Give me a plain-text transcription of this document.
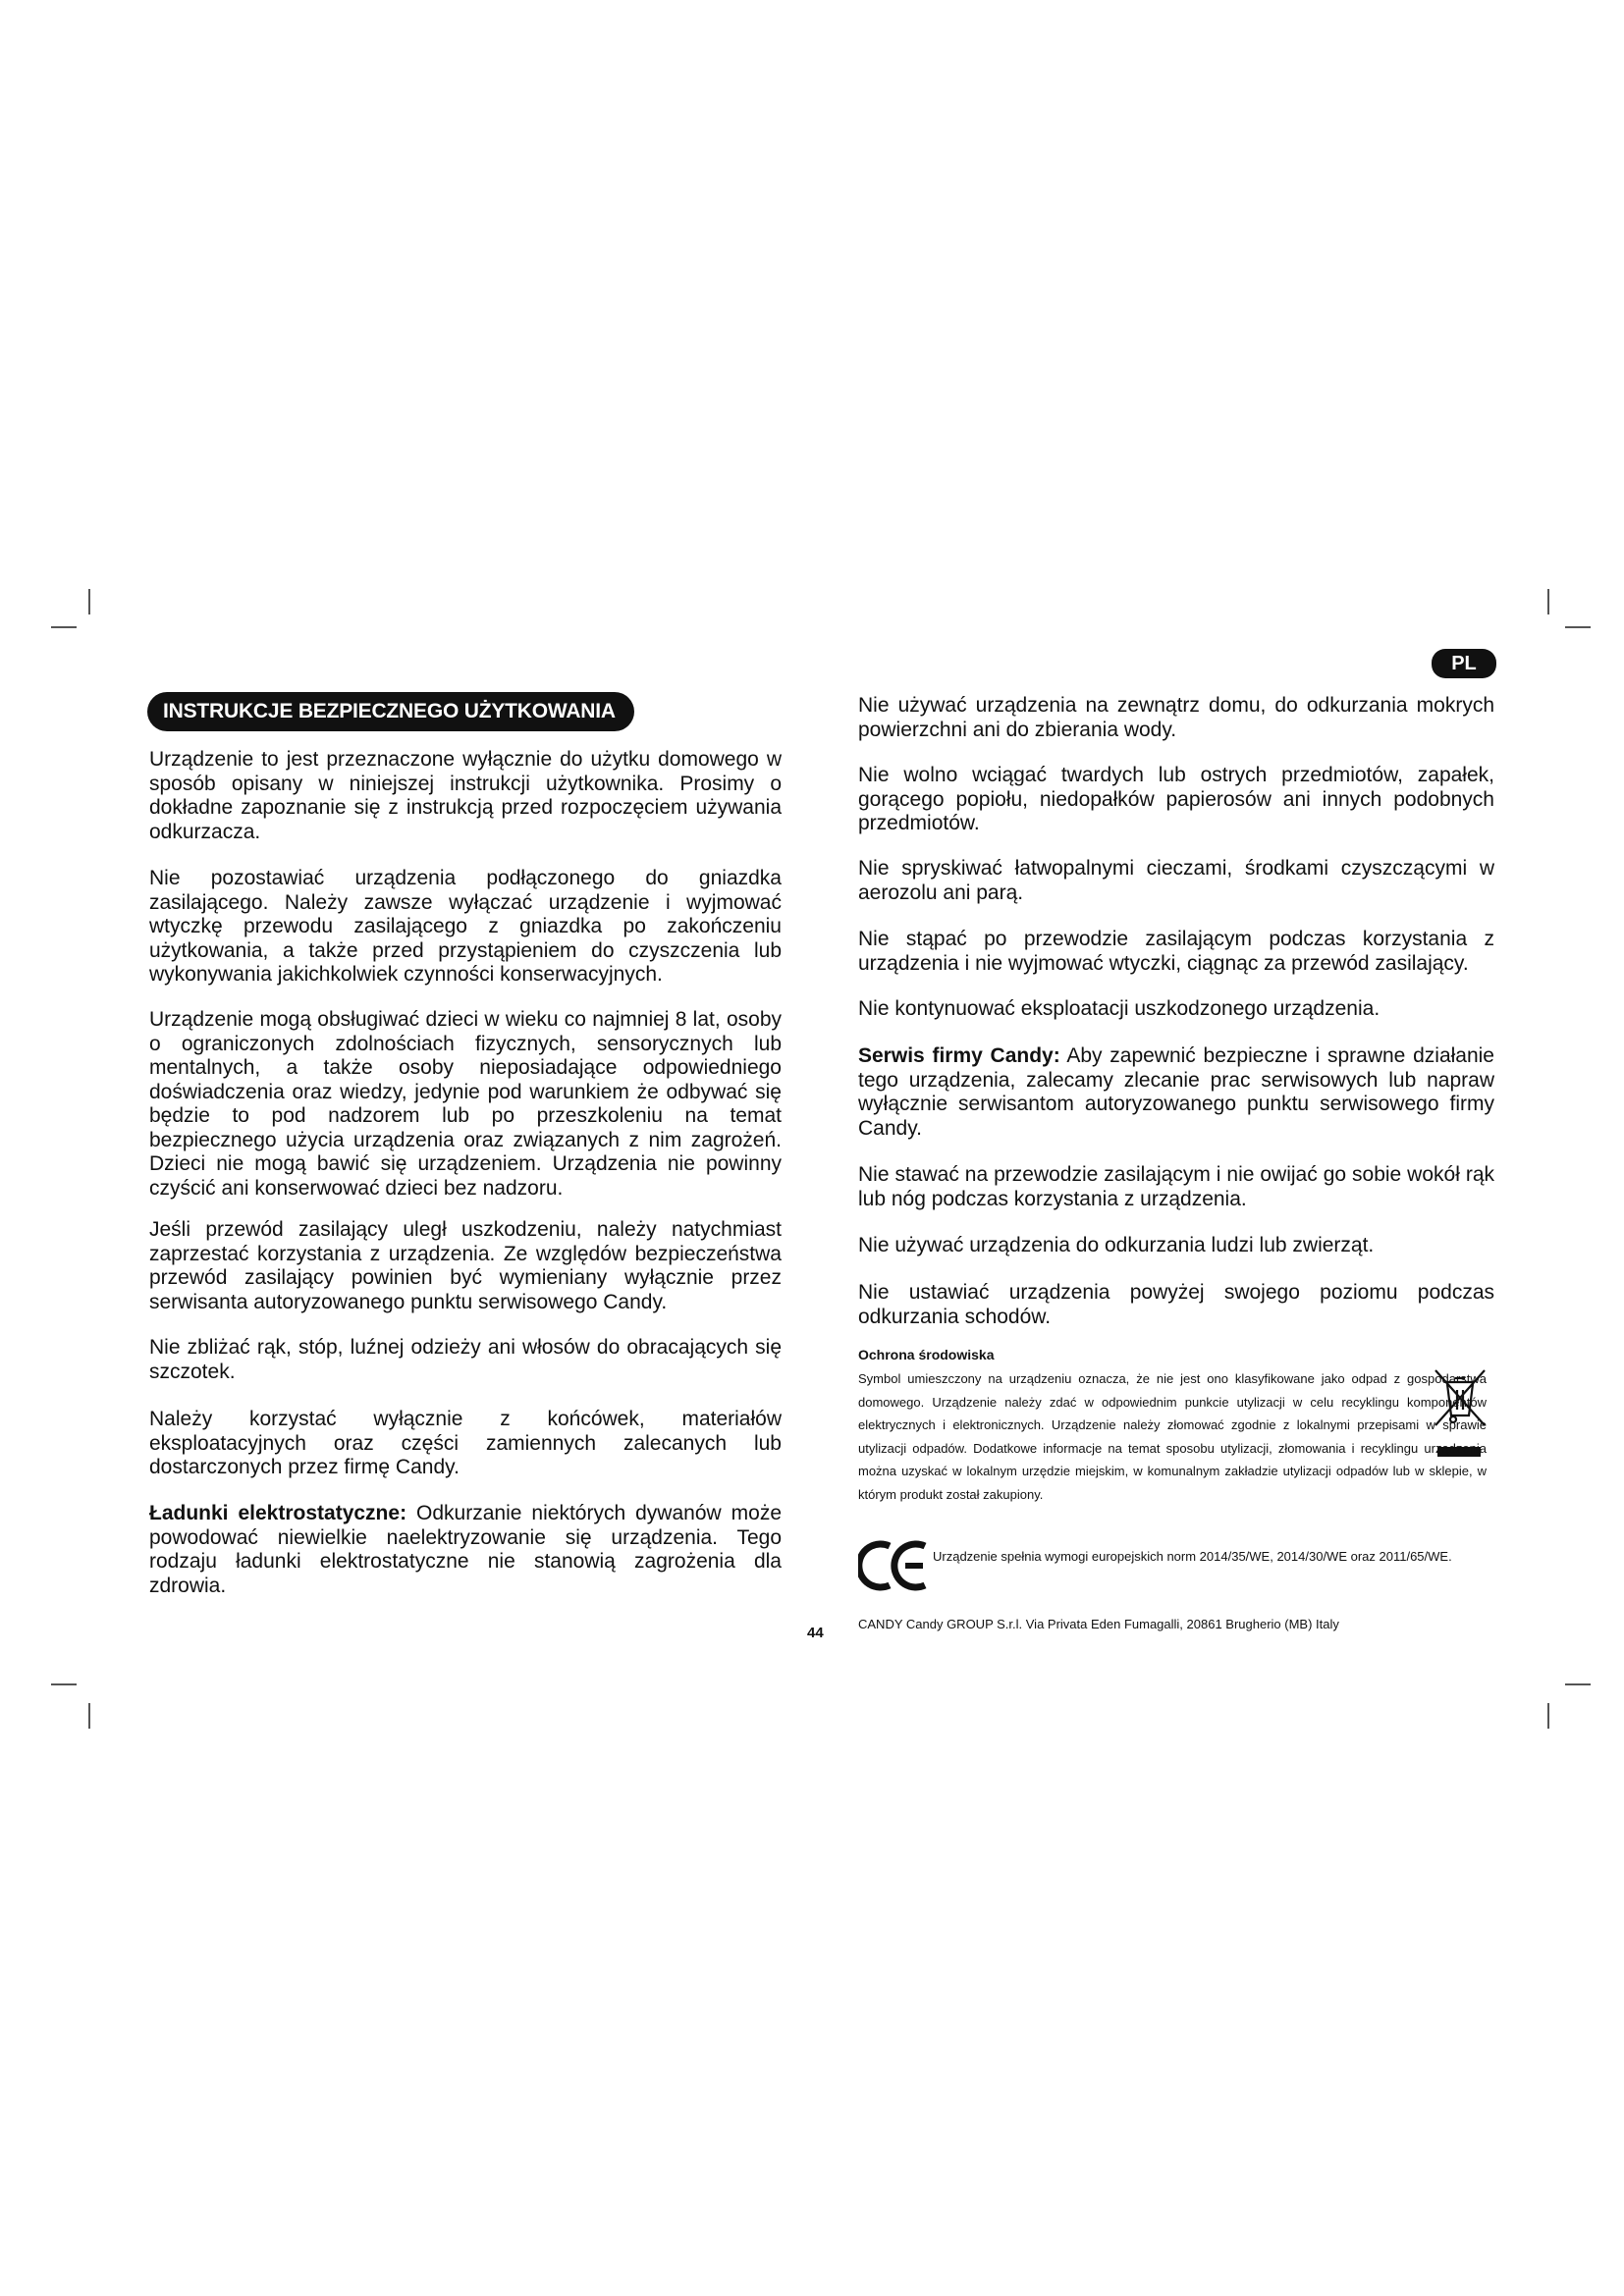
PL
INSTRUKCJE BEZPIECZNEGO UŻYTKOWANIA

Urządzenie to jest przeznaczone wyłącznie do użytku domowego w sposób opisany w niniejszej instrukcji użytkownika. Prosimy o dokładne zapoznanie się z instrukcją przed rozpoczęciem używania odkurzacza.

Nie pozostawiać urządzenia podłączonego do gniazdka zasilającego. Należy zawsze wyłączać urządzenie i wyjmować wtyczkę przewodu zasilającego z gniazdka po zakończeniu użytkowania, a także przed przystąpieniem do czyszczenia lub wykonywania jakichkolwiek czynności konserwacyjnych.

Urządzenie mogą obsługiwać dzieci w wieku co najmniej 8 lat, osoby o ograniczonych zdolnościach fizycznych, sensorycznych lub mentalnych, a także osoby nieposiadające odpowiedniego doświadczenia oraz wiedzy, jedynie pod warunkiem że odbywać się będzie to pod nadzorem lub po przeszkoleniu na temat bezpiecznego użycia urządzenia oraz związanych z nim zagrożeń. Dzieci nie mogą bawić się urządzeniem. Urządzenia nie powinny czyścić ani konserwować dzieci bez nadzoru.

Jeśli przewód zasilający uległ uszkodzeniu, należy natychmiast zaprzestać korzystania z urządzenia. Ze względów bezpieczeństwa przewód zasilający powinien być wymieniany wyłącznie przez serwisanta autoryzowanego punktu serwisowego Candy.

Nie zbliżać rąk, stóp, luźnej odzieży ani włosów do obracających się szczotek.

Należy korzystać wyłącznie z końcówek, materiałów eksploatacyjnych oraz części zamiennych zalecanych lub dostarczonych przez firmę Candy.

Ładunki elektrostatyczne: Odkurzanie niektórych dywanów może powodować niewielkie naelektryzowanie się urządzenia. Tego rodzaju ładunki elektrostatyczne nie stanowią zagrożenia dla zdrowia.

Nie używać urządzenia na zewnątrz domu, do odkurzania mokrych powierzchni ani do zbierania wody.

Nie wolno wciągać twardych lub ostrych przedmiotów, zapałek, gorącego popiołu, niedopałków papierosów ani innych podobnych przedmiotów.

Nie spryskiwać łatwopalnymi cieczami, środkami czyszczącymi w aerozolu ani parą.

Nie stąpać po przewodzie zasilającym podczas korzystania z urządzenia i nie wyjmować wtyczki, ciągnąc za przewód zasilający.

Nie kontynuować eksploatacji uszkodzonego urządzenia.

Serwis firmy Candy: Aby zapewnić bezpieczne i sprawne działanie tego urządzenia, zalecamy zlecanie prac serwisowych lub napraw wyłącznie serwisantom autoryzowanego punktu serwisowego firmy Candy.

Nie stawać na przewodzie zasilającym i nie owijać go sobie wokół rąk lub nóg podczas korzystania z urządzenia.

Nie używać urządzenia do odkurzania ludzi lub zwierząt.

Nie ustawiać urządzenia powyżej swojego poziomu podczas odkurzania schodów.

Ochrona środowiska

Symbol umieszczony na urządzeniu oznacza, że nie jest ono klasyfikowane jako odpad z gospodarstwa domowego. Urządzenie należy zdać w odpowiednim punkcie utylizacji w celu recyklingu komponentów elektrycznych i elektronicznych. Urządzenie należy złomować zgodnie z lokalnymi przepisami w sprawie utylizacji odpadów. Dodatkowe informacje na temat sposobu utylizacji, złomowania i recyklingu urządzenia można uzyskać w lokalnym urzędzie miejskim, w komunalnym zakładzie utylizacji odpadów lub w sklepie, w którym produkt został zakupiony.

Urządzenie spełnia wymogi europejskich norm 2014/35/WE, 2014/30/WE oraz 2011/65/WE.

44
CANDY Candy GROUP S.r.l. Via Privata Eden Fumagalli, 20861 Brugherio (MB) Italy
